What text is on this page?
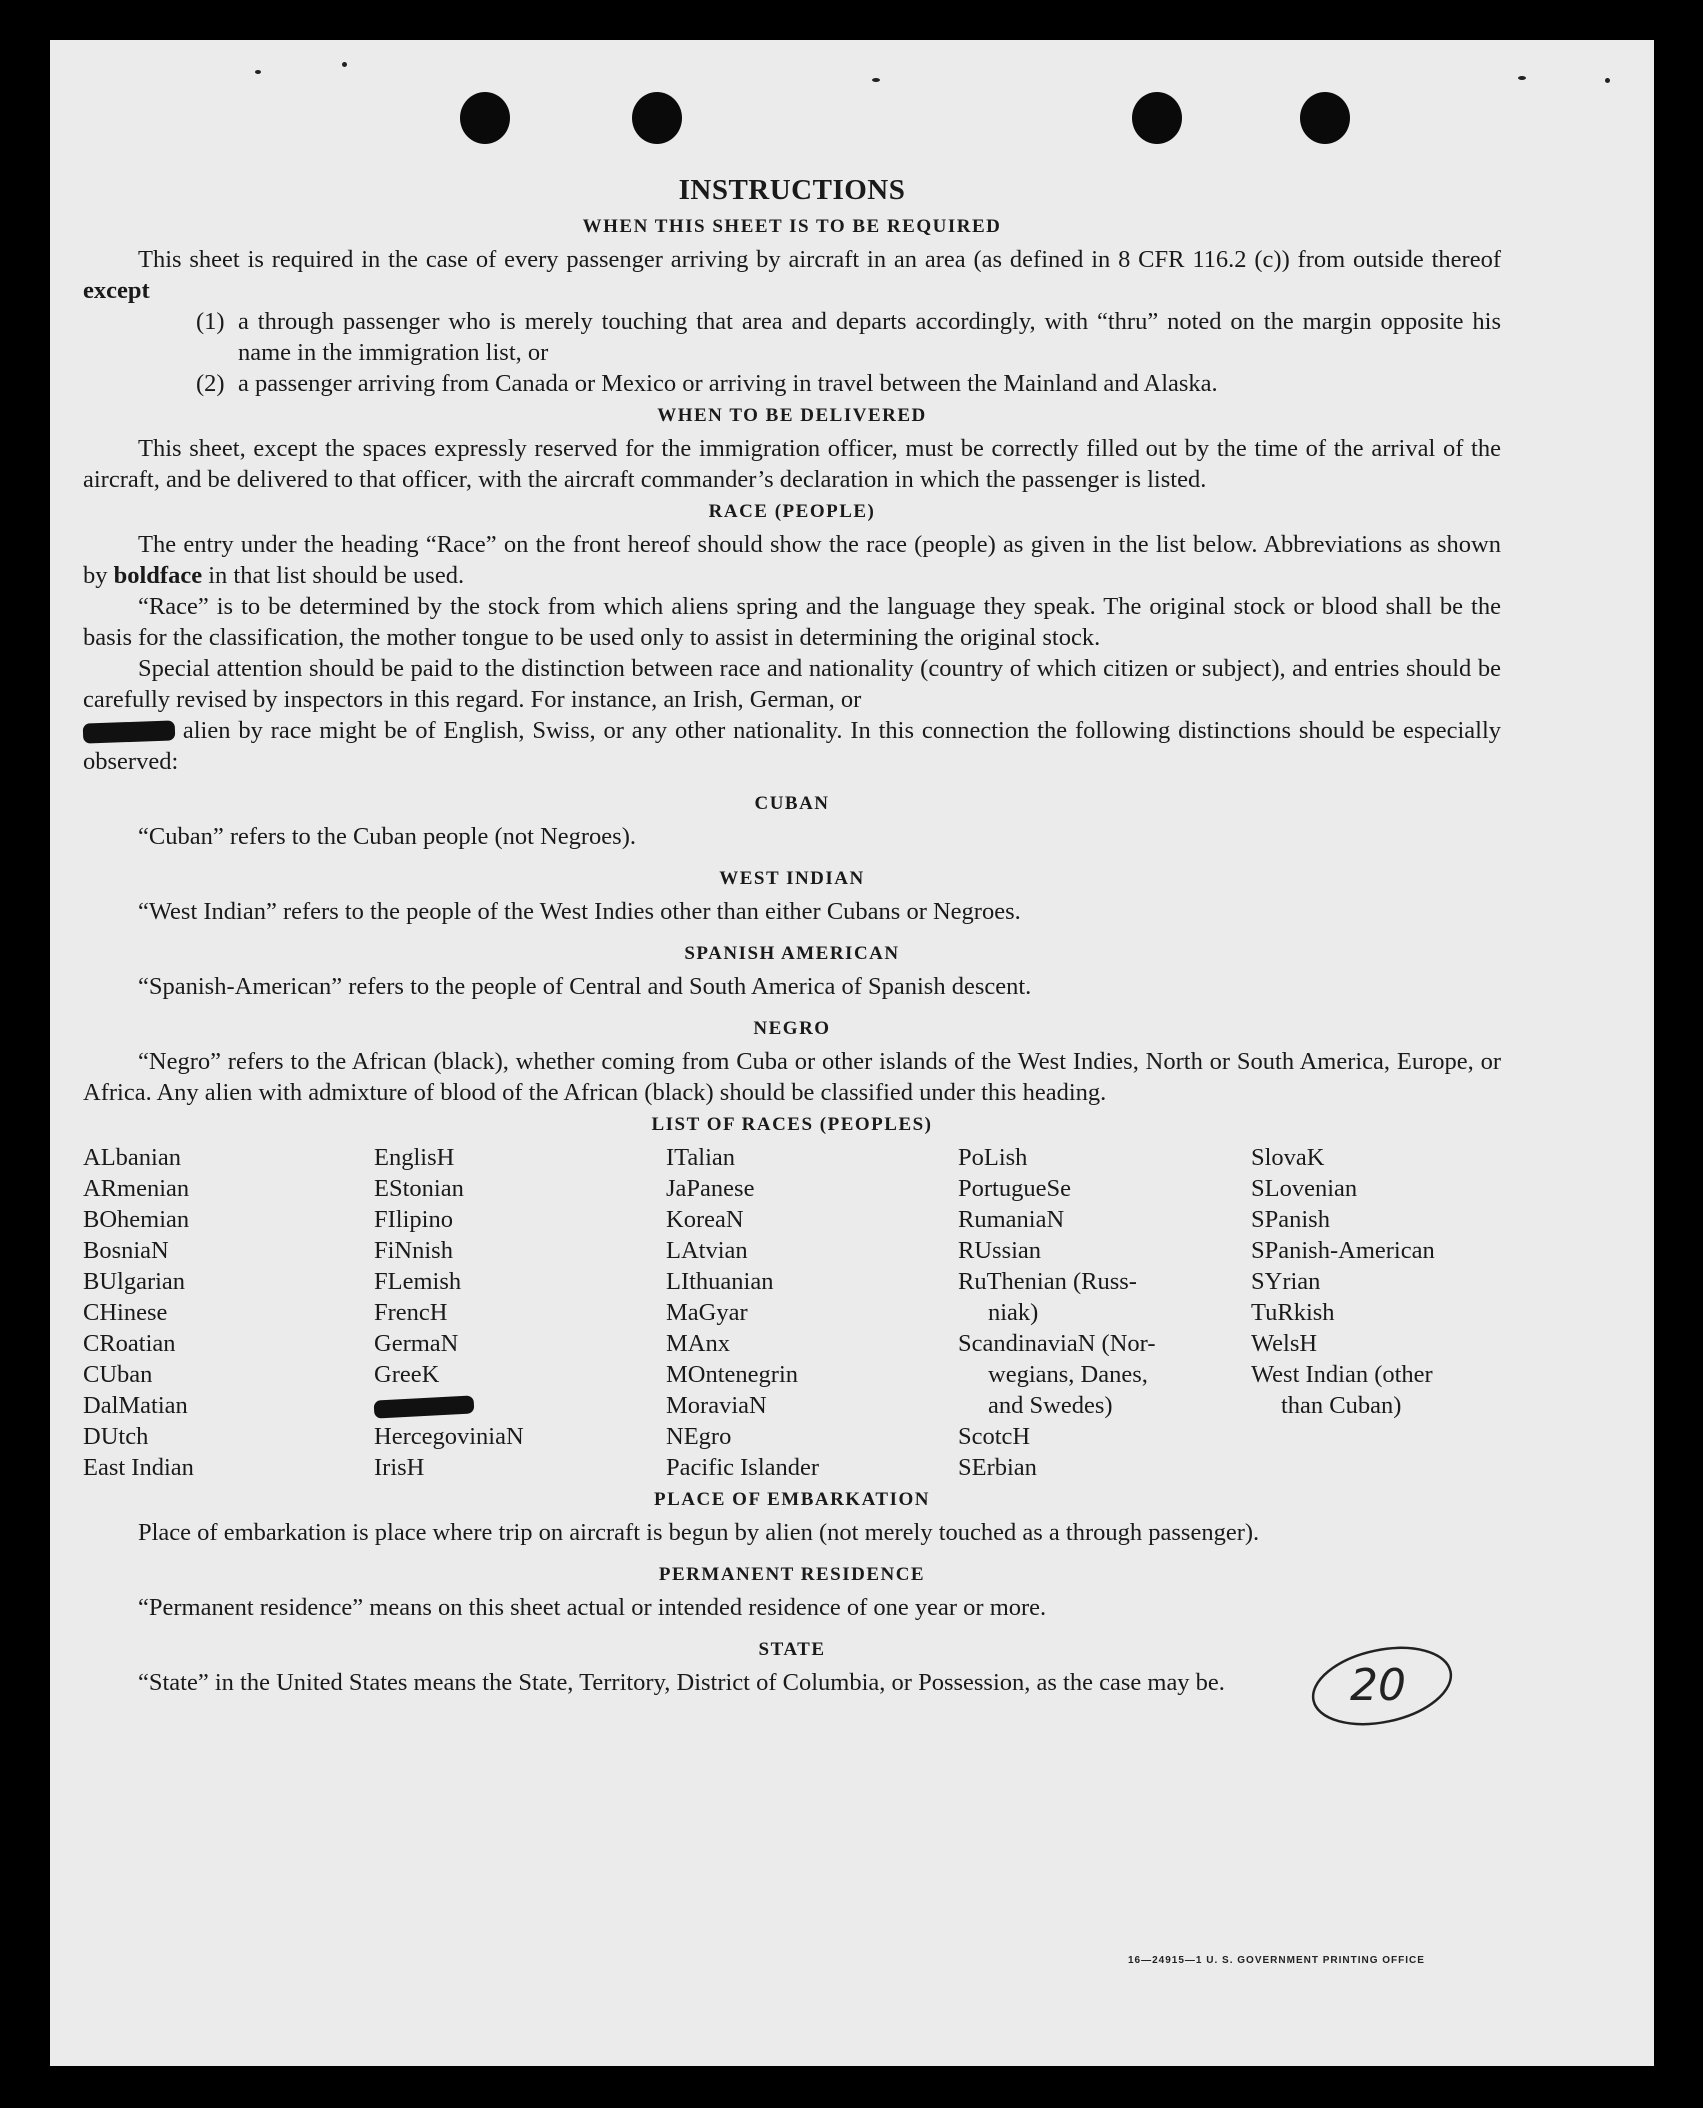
INSTRUCTIONS
WHEN THIS SHEET IS TO BE REQUIRED

This sheet is required in the case of every passenger arriving by aircraft in an area (as defined in 8 CFR 116.2 (c)) from outside thereof except

(1) a through passenger who is merely touching that area and departs accordingly, with “thru” noted on the margin opposite his name in the immigration list, or
(2) a passenger arriving from Canada or Mexico or arriving in travel between the Mainland and Alaska.
WHEN TO BE DELIVERED

This sheet, except the spaces expressly reserved for the immigration officer, must be correctly filled out by the time of the arrival of the aircraft, and be delivered to that officer, with the aircraft commander’s declaration in which the passenger is listed.

RACE (PEOPLE)

The entry under the heading “Race” on the front hereof should show the race (people) as given in the list below. Abbreviations as shown by boldface in that list should be used.

“Race” is to be determined by the stock from which aliens spring and the language they speak. The original stock or blood shall be the basis for the classification, the mother tongue to be used only to assist in determining the original stock.

Special attention should be paid to the distinction between race and nationality (country of which citizen or subject), and entries should be carefully revised by inspectors in this regard. For instance, an Irish, German, or
alien by race might be of English, Swiss, or any other nationality. In this connection the following distinctions should be especially observed:

CUBAN

“Cuban” refers to the Cuban people (not Negroes).

WEST INDIAN

“West Indian” refers to the people of the West Indies other than either Cubans or Negroes.

SPANISH AMERICAN

“Spanish-American” refers to the people of Central and South America of Spanish descent.

NEGRO

“Negro” refers to the African (black), whether coming from Cuba or other islands of the West Indies, North or South America, Europe, or Africa. Any alien with admixture of blood of the African (black) should be classified under this heading.

LIST OF RACES (PEOPLES)
ALbanian
ARmenian
BOhemian
BosniaN
BUlgarian
CHinese
CRoatian
CUban
DalMatian
DUtch
East Indian
EnglisH
EStonian
FIlipino
FiNnish
FLemish
FrencH
GermaN
GreeK
HercegoviniaN
IrisH
ITalian
JaPanese
KoreaN
LAtvian
LIthuanian
MaGyar
MAnx
MOntenegrin
MoraviaN
NEgro
Pacific Islander
PoLish
PortugueSe
RumaniaN
RUssian
RuThenian (Russ-
niak)
ScandinaviaN (Nor-
wegians, Danes,
and Swedes)
ScotcH
SErbian
SlovaK
SLovenian
SPanish
SPanish-American
SYrian
TuRkish
WelsH
West Indian (other
than Cuban)
PLACE OF EMBARKATION

Place of embarkation is place where trip on aircraft is begun by alien (not merely touched as a through passenger).

PERMANENT RESIDENCE

“Permanent residence” means on this sheet actual or intended residence of one year or more.

STATE

“State” in the United States means the State, Territory, District of Columbia, or Possession, as the case may be.	20
16—24915—1 U. S. GOVERNMENT PRINTING OFFICE
